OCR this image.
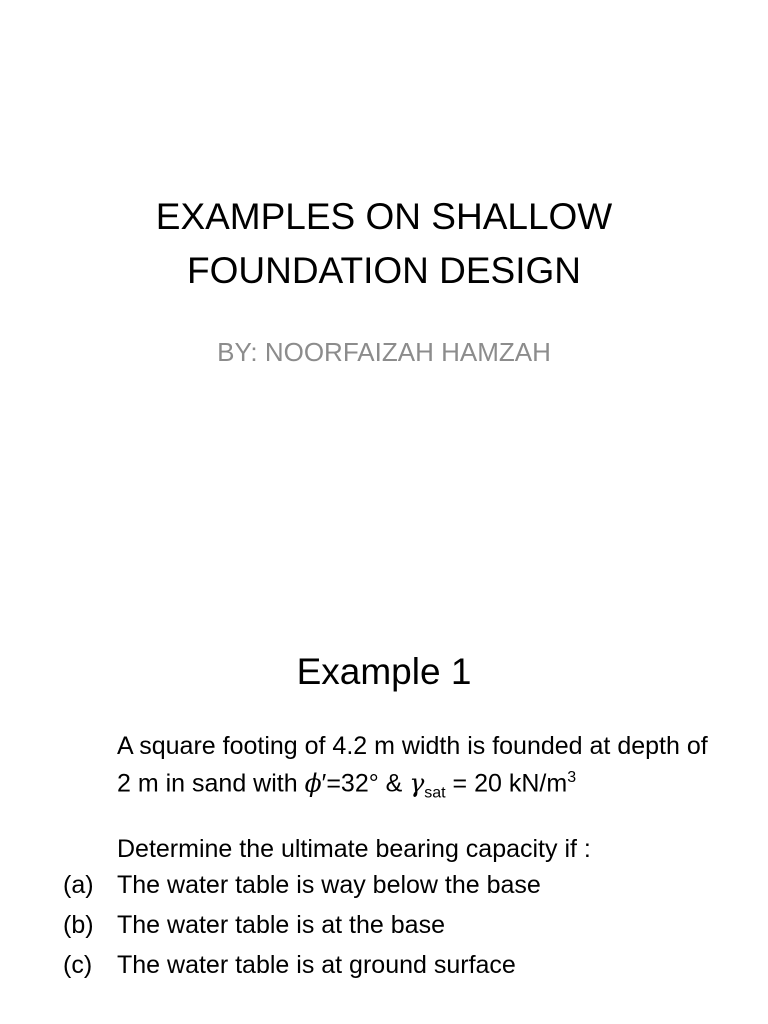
EXAMPLES ON SHALLOW
FOUNDATION DESIGN
BY: NOORFAIZAH HAMZAH
Example 1

A square footing of 4.2 m width is founded at depth of 2 m in sand with ϕ′=32° & $\gamma_{sat} = 20$ $kN/m^3$

Determine the ultimate bearing capacity if :

(a) The water table is way below the base
(b) The water table is at the base
(c) The water table is at ground surface
